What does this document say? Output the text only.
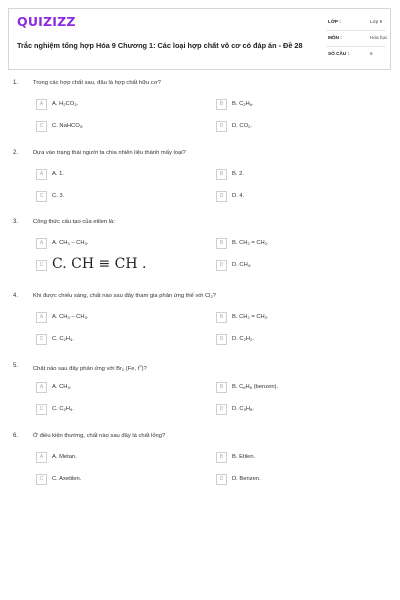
QUIZIZZ
Trắc nghiệm tổng hợp Hóa 9 Chương 1: Các loại hợp chất vô cơ có đáp án - Đề 28
LỚP :	Lớp 9
MÔN :	Hóa học
SỐ CÂU :	6
1.	Trong các hợp chất sau, đâu là hợp chất hữu cơ?
A	A. $H_2CO_3$.	B	B. $C_2H_6$.
C	C. NaHCO$_3$.	D	D. $CO_2$.
2.	Dựa vào trạng thái người ta chia nhiên liệu thành mấy loại?
A	A. 1.	B	B. 2.
C	C. 3.	D	D. 4.
3.	Công thức cấu tạo của etilen là:
A	A. $CH_3 - CH_3$.	B	B. $CH_2 = CH_2$.
C C. CH ≡ CH .	D	D. $CH_4$.
4.	Khi được chiếu sáng, chất nào sau đây tham gia phản ứng thế với $Cl_2$?
A	A. $CH_3 - CH_3$.	B	B. $CH_2 = CH_2$.
C	C. $C_2H_4$.	D	D. $C_2H_2$.
5.	Chất nào sau đây phản ứng với $Br_2$ (Fe, $t^o$)?
A	A. $CH_4$.	B	B. $C_6H_6$ (benzen).
C	C. $C_2H_4$.	D	D. $C_3H_8$.
6.	Ở điều kiện thường, chất nào sau đây là chất lỏng?
A	A. Metan.	B	B. Etilen.
C	C. Axetilen.	D	D. Benzen.
